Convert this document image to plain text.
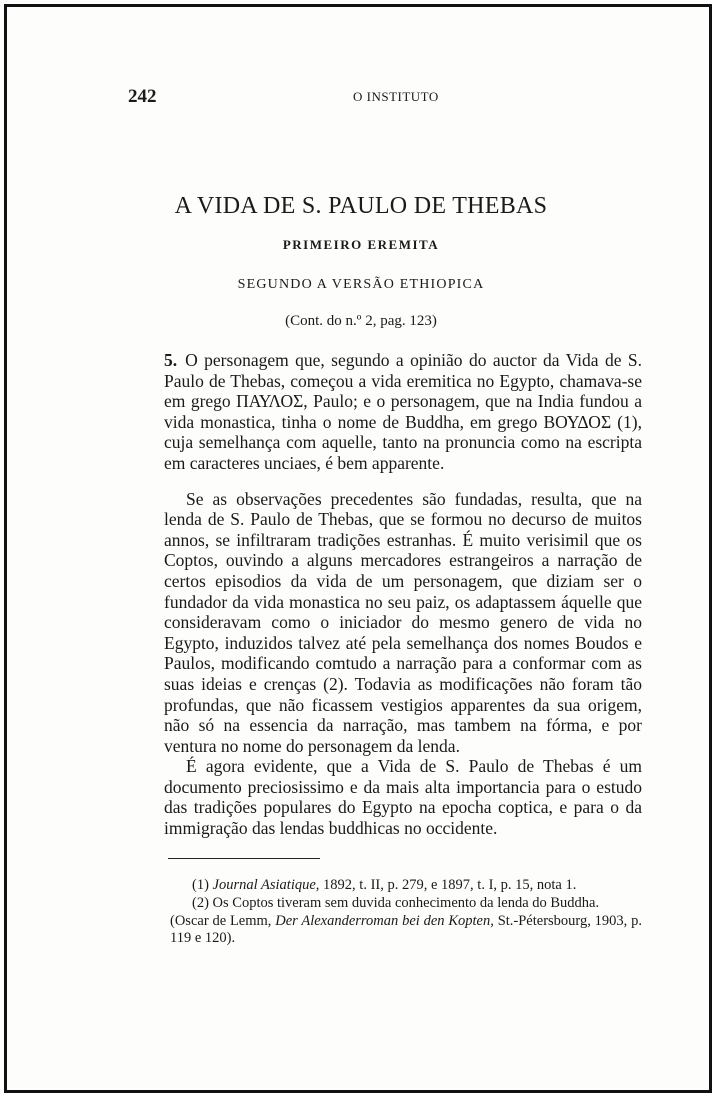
242	O INSTITUTO
A VIDA DE S. PAULO DE THEBAS
PRIMEIRO EREMITA
SEGUNDO A VERSÃO ETHIOPICA
(Cont. do n.º 2, pag. 123)

5. O personagem que, segundo a opinião do auctor da Vida de S. Paulo de Thebas, começou a vida eremitica no Egypto, chamava-se em grego ΠΑΥΛΟΣ, Paulo; e o personagem, que na India fundou a vida monastica, tinha o nome de Buddha, em grego ΒΟΥΔΟΣ (1), cuja semelhança com aquelle, tanto na pronuncia como na escripta em caracteres unciaes, é bem apparente.

Se as observações precedentes são fundadas, resulta, que na lenda de S. Paulo de Thebas, que se formou no decurso de muitos annos, se infiltraram tradições estranhas. É muito verisimil que os Coptos, ouvindo a alguns mercadores estrangeiros a narração de certos episodios da vida de um personagem, que diziam ser o fundador da vida monastica no seu paiz, os adaptassem áquelle que consideravam como o iniciador do mesmo genero de vida no Egypto, induzidos talvez até pela semelhança dos nomes Boudos e Paulos, modificando comtudo a narração para a conformar com as suas ideias e crenças (2). Todavia as modificações não foram tão profundas, que não ficassem vestigios apparentes da sua origem, não só na essencia da narração, mas tambem na fórma, e por ventura no nome do personagem da lenda.

É agora evidente, que a Vida de S. Paulo de Thebas é um documento preciosissimo e da mais alta importancia para o estudo das tradições populares do Egypto na epocha coptica, e para o da immigração das lendas buddhicas no occidente.

(1) Journal Asiatique, 1892, t. II, p. 279, e 1897, t. I, p. 15, nota 1.

(2) Os Coptos tiveram sem duvida conhecimento da lenda do Buddha.

(Oscar de Lemm, Der Alexanderroman bei den Kopten, St.-Pétersbourg, 1903, p. 119 e 120).
